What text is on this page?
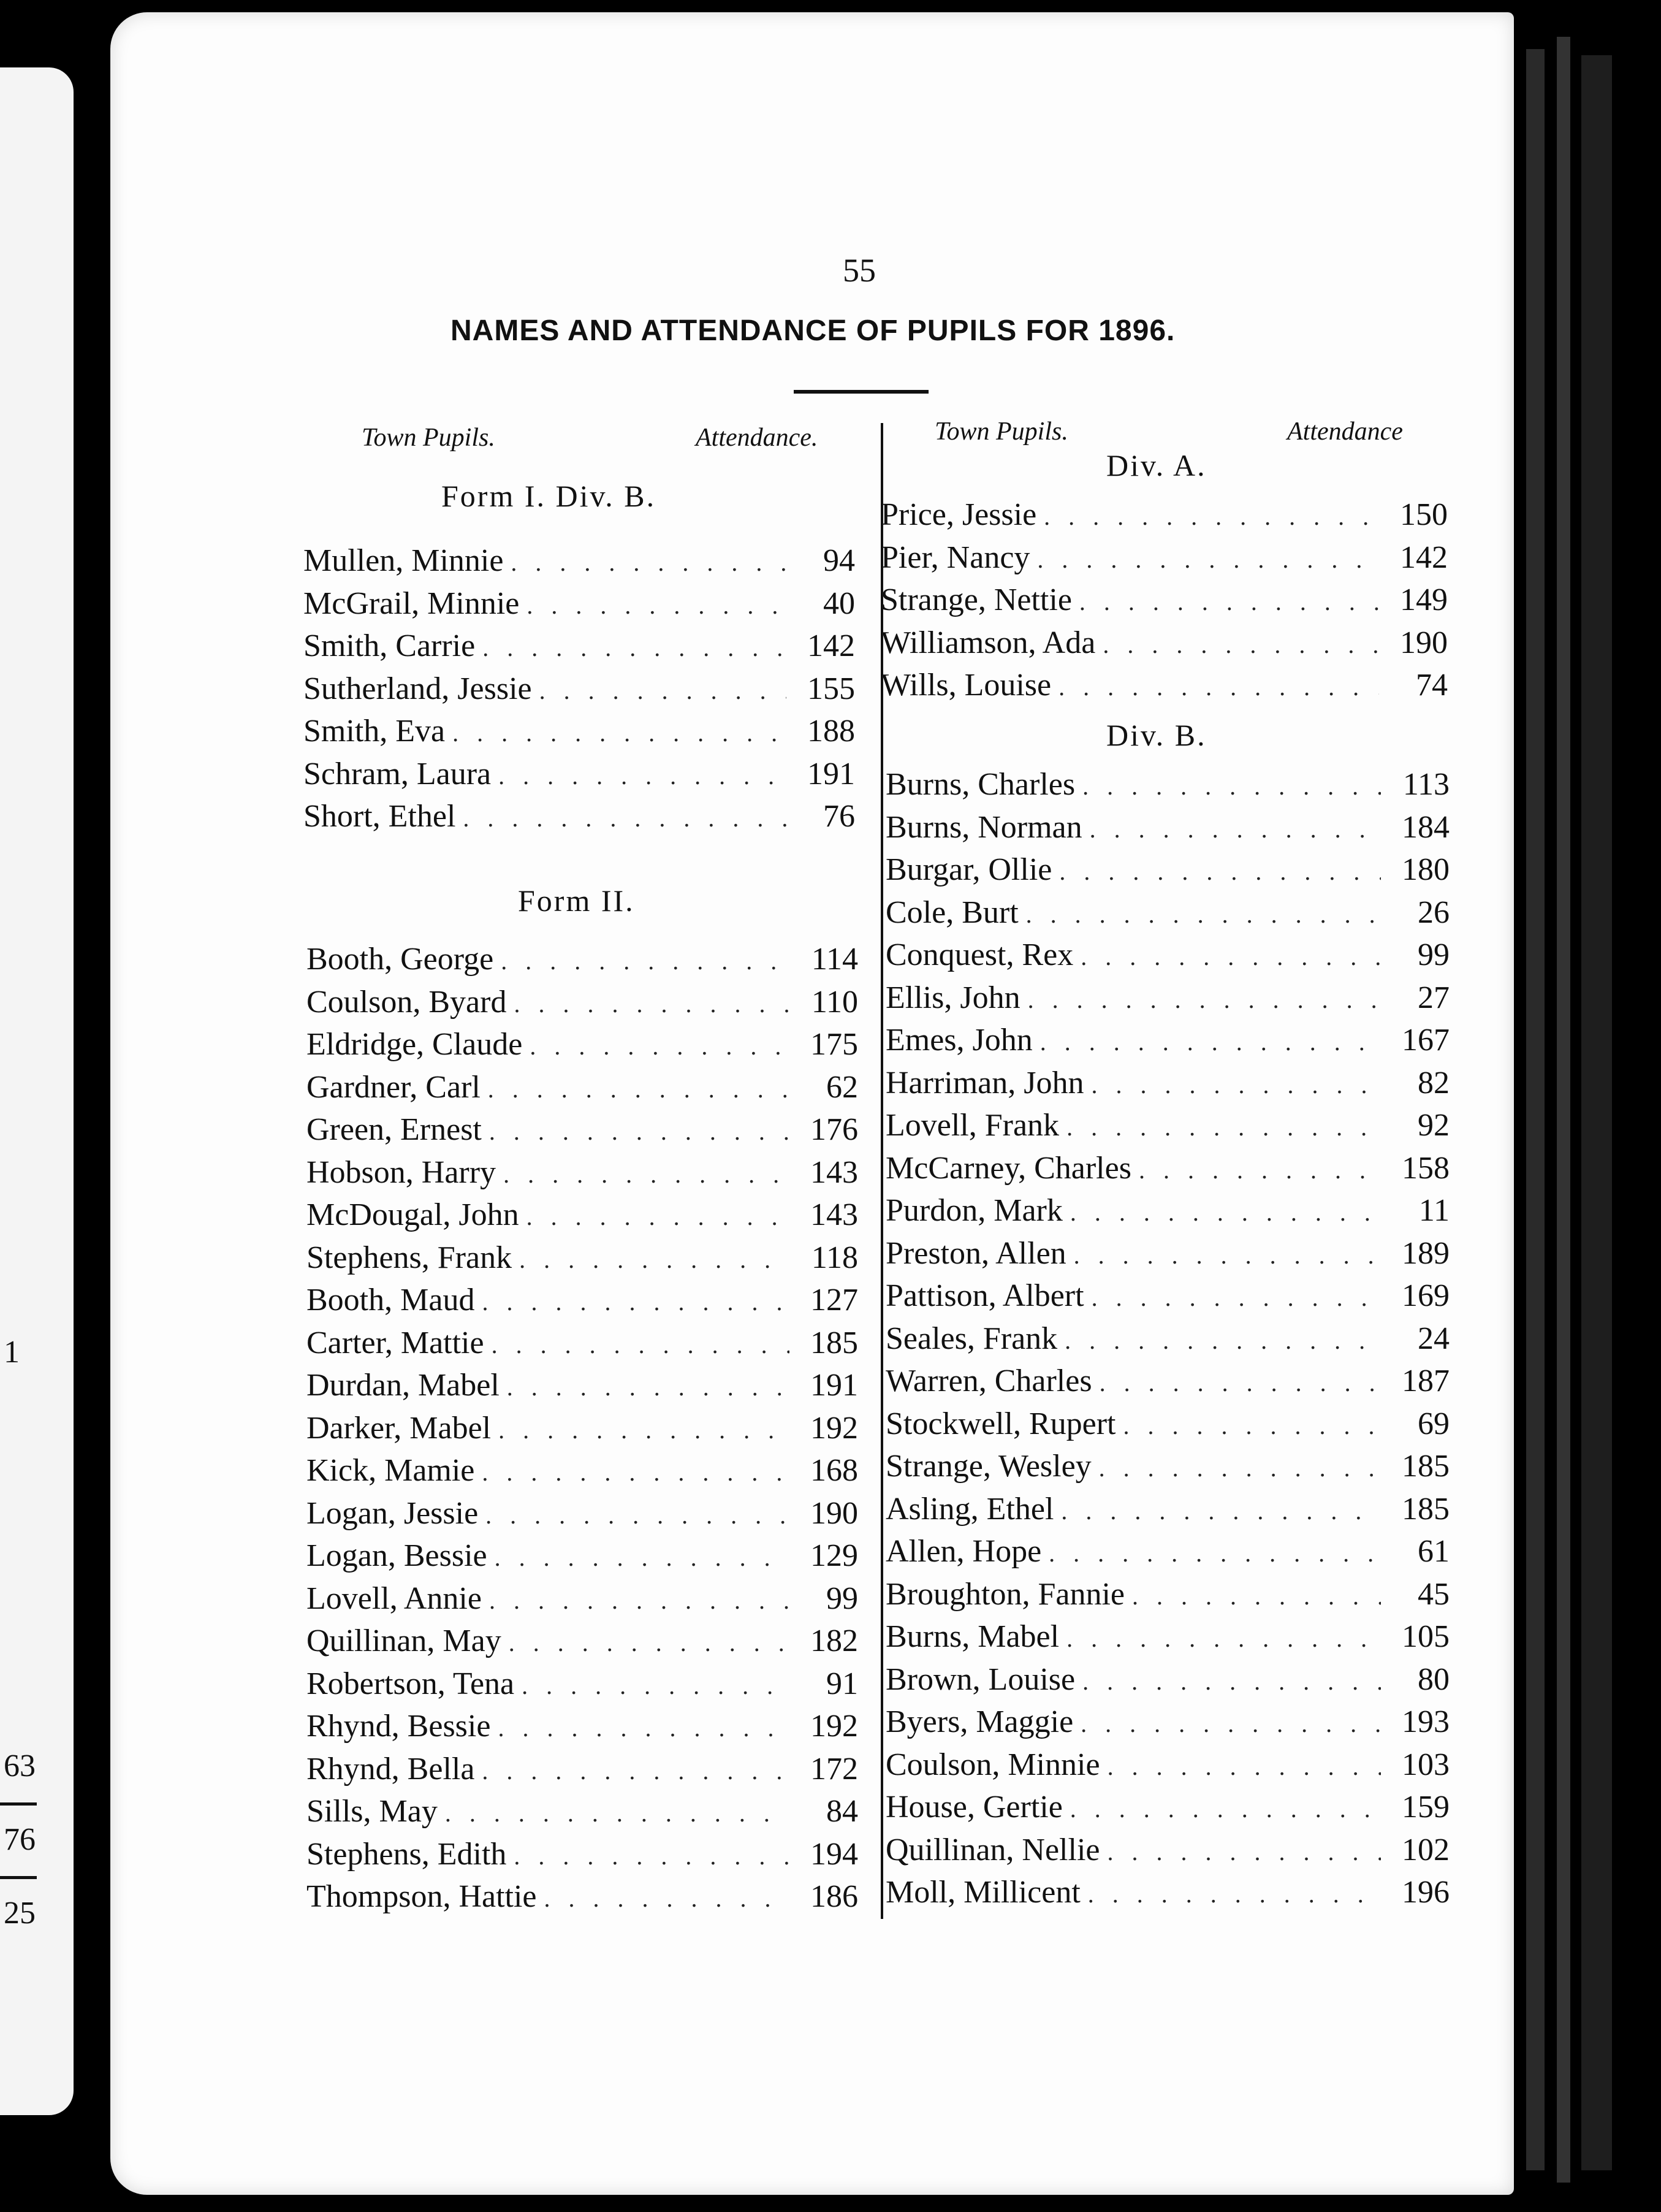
1
63
76
25
55
NAMES AND ATTENDANCE OF PUPILS FOR 1896.
Town Pupils.	Attendance.	Town Pupils.	Attendance
Form I. Div. B.
Form II.
Div. A.
Div. B.
Mullen, Minnie . . .	94
McGrail, Minnie . . .	40
Smith, Carrie . . .	142
Sutherland, Jessie . . .	155
Smith, Eva . . .	188
Schram, Laura . . .	191
Short, Ethel . . .	76
Booth, George . . .	114
Coulson, Byard . . .	110
Eldridge, Claude . . .	175
Gardner, Carl . . .	62
Green, Ernest . . .	176
Hobson, Harry . . .	143
McDougal, John . . .	143
Stephens, Frank . . .	118
Booth, Maud . . .	127
Carter, Mattie . . .	185
Durdan, Mabel . . .	191
Darker, Mabel . . .	192
Kick, Mamie . . .	168
Logan, Jessie . . .	190
Logan, Bessie . . .	129
Lovell, Annie . . .	99
Quillinan, May . . .	182
Robertson, Tena . . .	91
Rhynd, Bessie . . .	192
Rhynd, Bella . . .	172
Sills, May . . .	84
Stephens, Edith . . .	194
Thompson, Hattie . . .	186
Price, Jessie . . .	150
Pier, Nancy . . .	142
Strange, Nettie . . .	149
Williamson, Ada . . .	190
Wills, Louise . . .	74
Burns, Charles . . .	113
Burns, Norman . . .	184
Burgar, Ollie . . .	180
Cole, Burt . . .	26
Conquest, Rex . . .	99
Ellis, John . . .	27
Emes, John . . .	167
Harriman, John . . .	82
Lovell, Frank . . .	92
McCarney, Charles . . .	158
Purdon, Mark . . .	11
Preston, Allen . . .	189
Pattison, Albert . . .	169
Seales, Frank . . .	24
Warren, Charles . . .	187
Stockwell, Rupert . . .	69
Strange, Wesley . . .	185
Asling, Ethel . . .	185
Allen, Hope . . .	61
Broughton, Fannie . . .	45
Burns, Mabel . . .	105
Brown, Louise . . .	80
Byers, Maggie . . .	193
Coulson, Minnie . . .	103
House, Gertie . . .	159
Quillinan, Nellie . . .	102
Moll, Millicent . . .	196
